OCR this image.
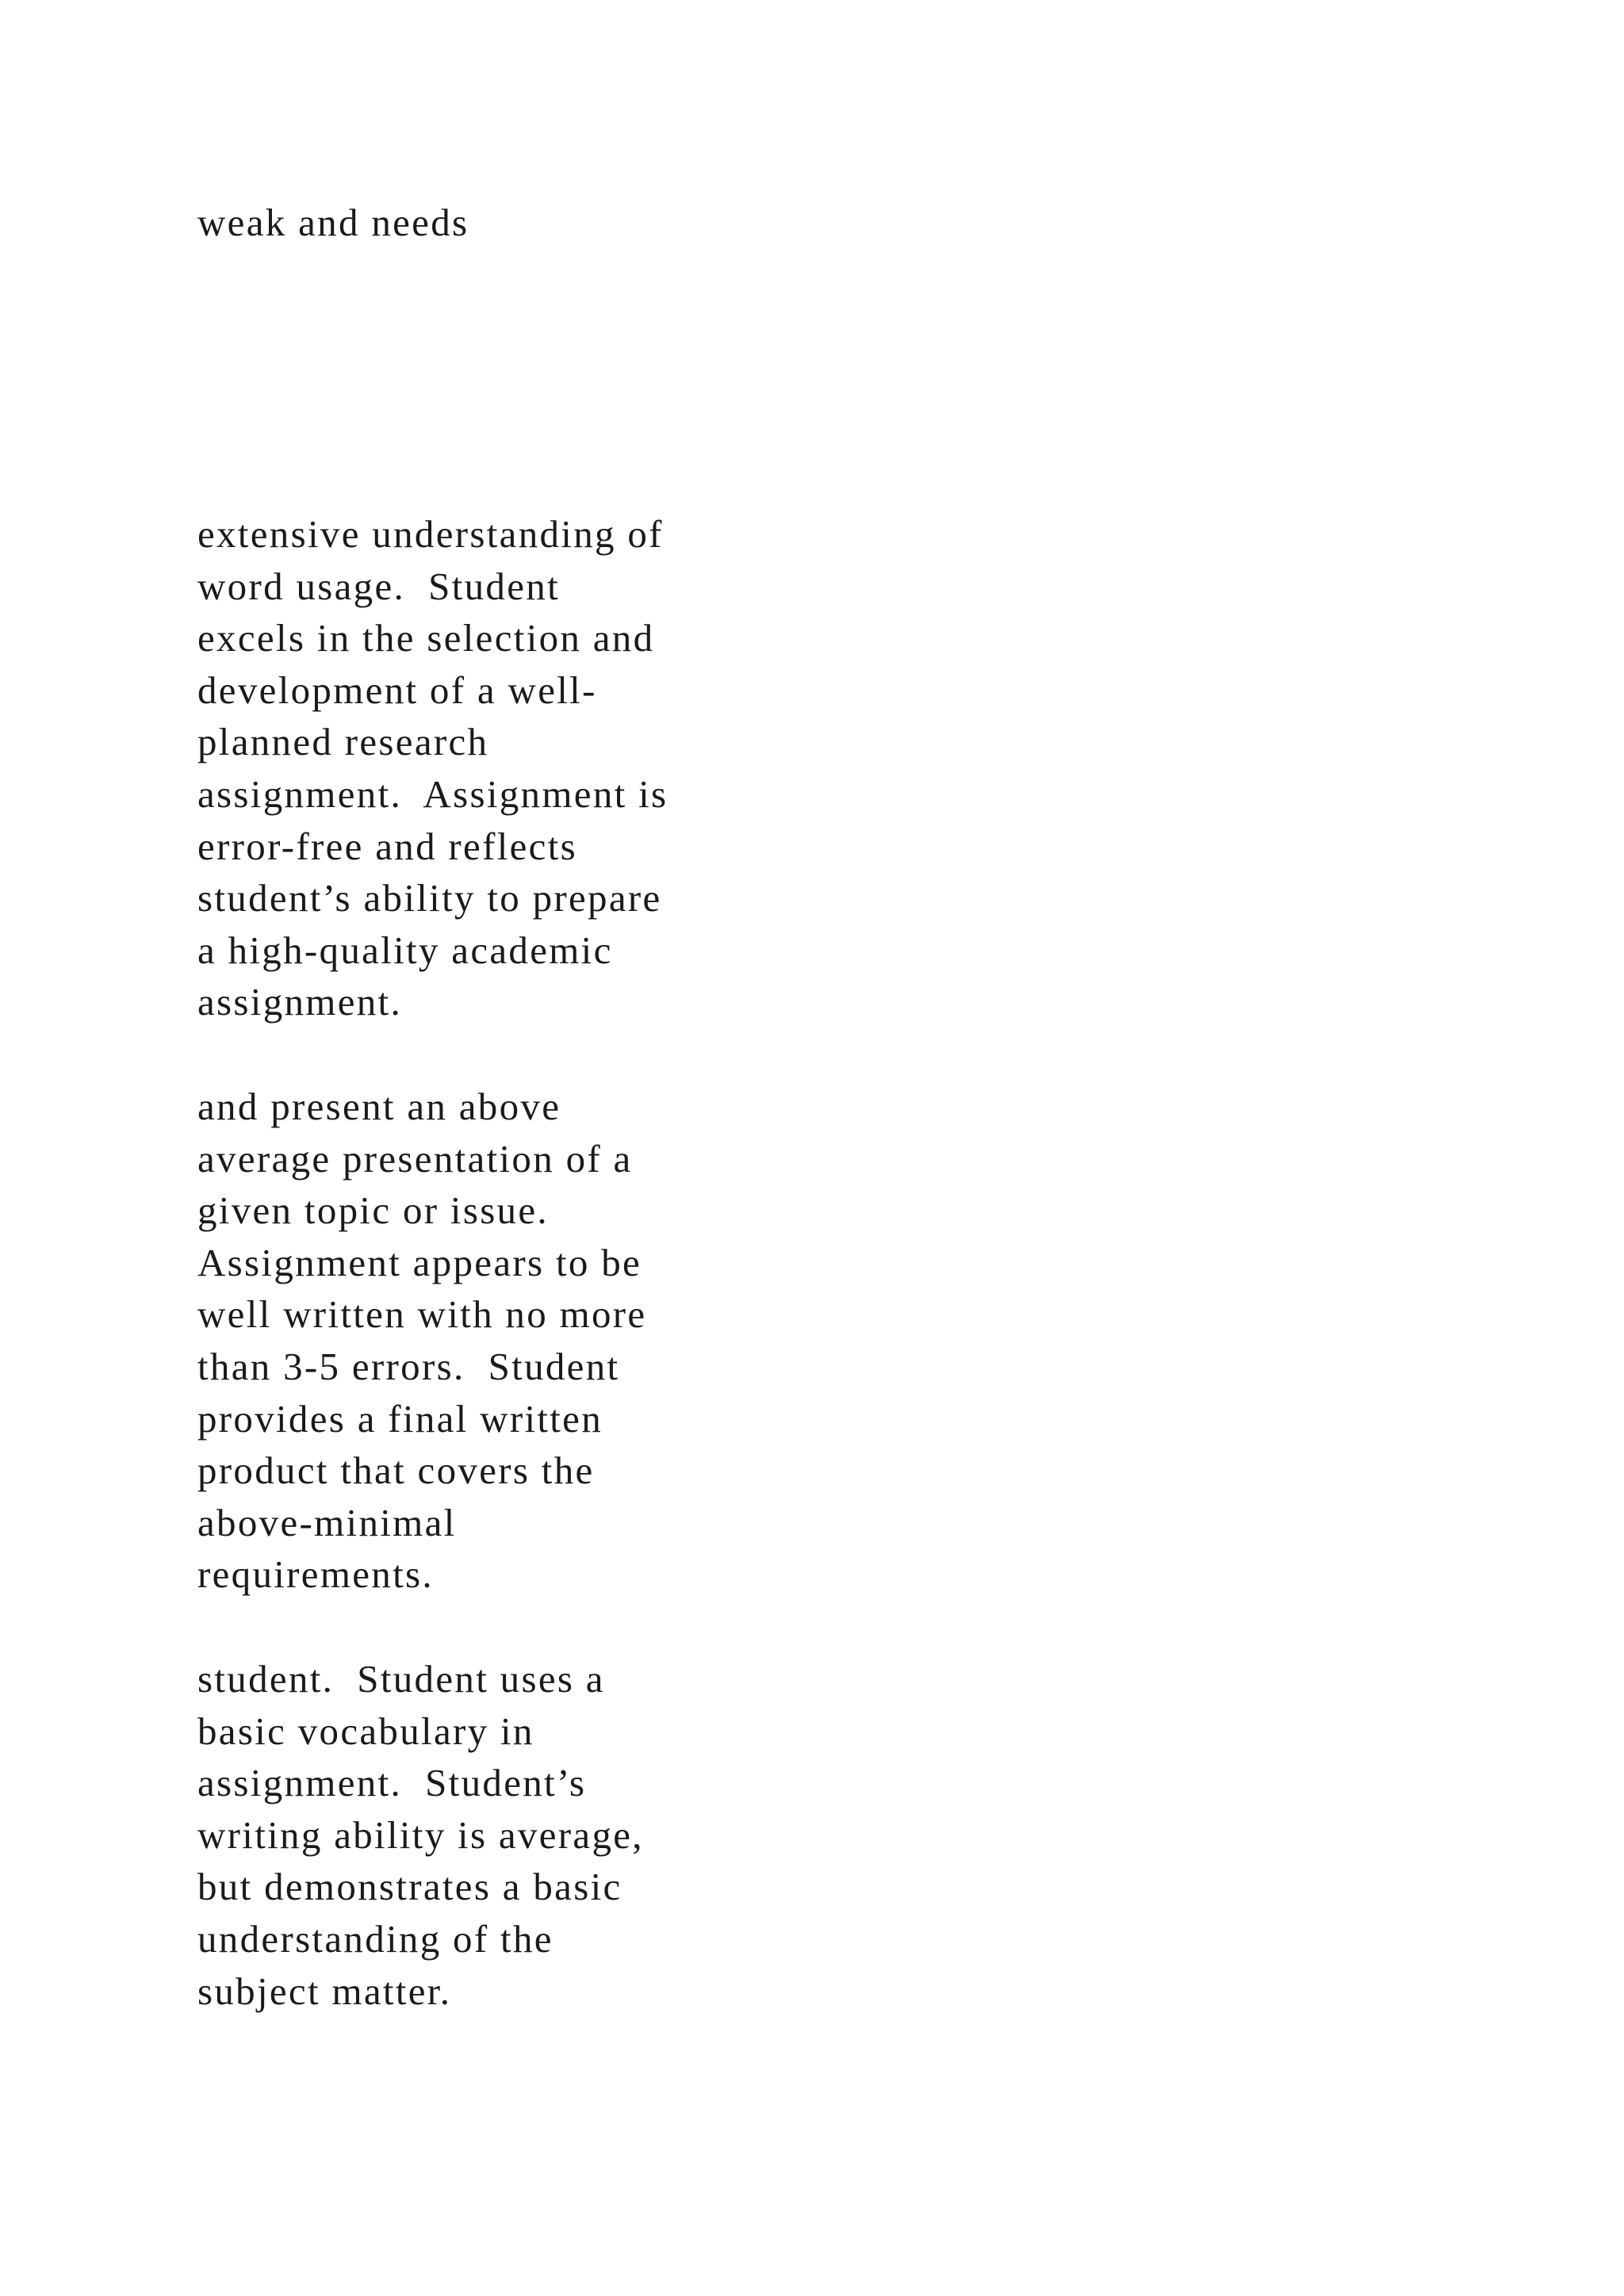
weak and needs
extensive understanding of
word usage.  Student
excels in the selection and
development of a well-
planned research
assignment.  Assignment is
error-free and reflects
student’s ability to prepare
a high-quality academic
assignment.
and present an above
average presentation of a
given topic or issue.
Assignment appears to be
well written with no more
than 3-5 errors.  Student
provides a final written
product that covers the
above-minimal
requirements.
student.  Student uses a
basic vocabulary in
assignment.  Student’s
writing ability is average,
but demonstrates a basic
understanding of the
subject matter.
